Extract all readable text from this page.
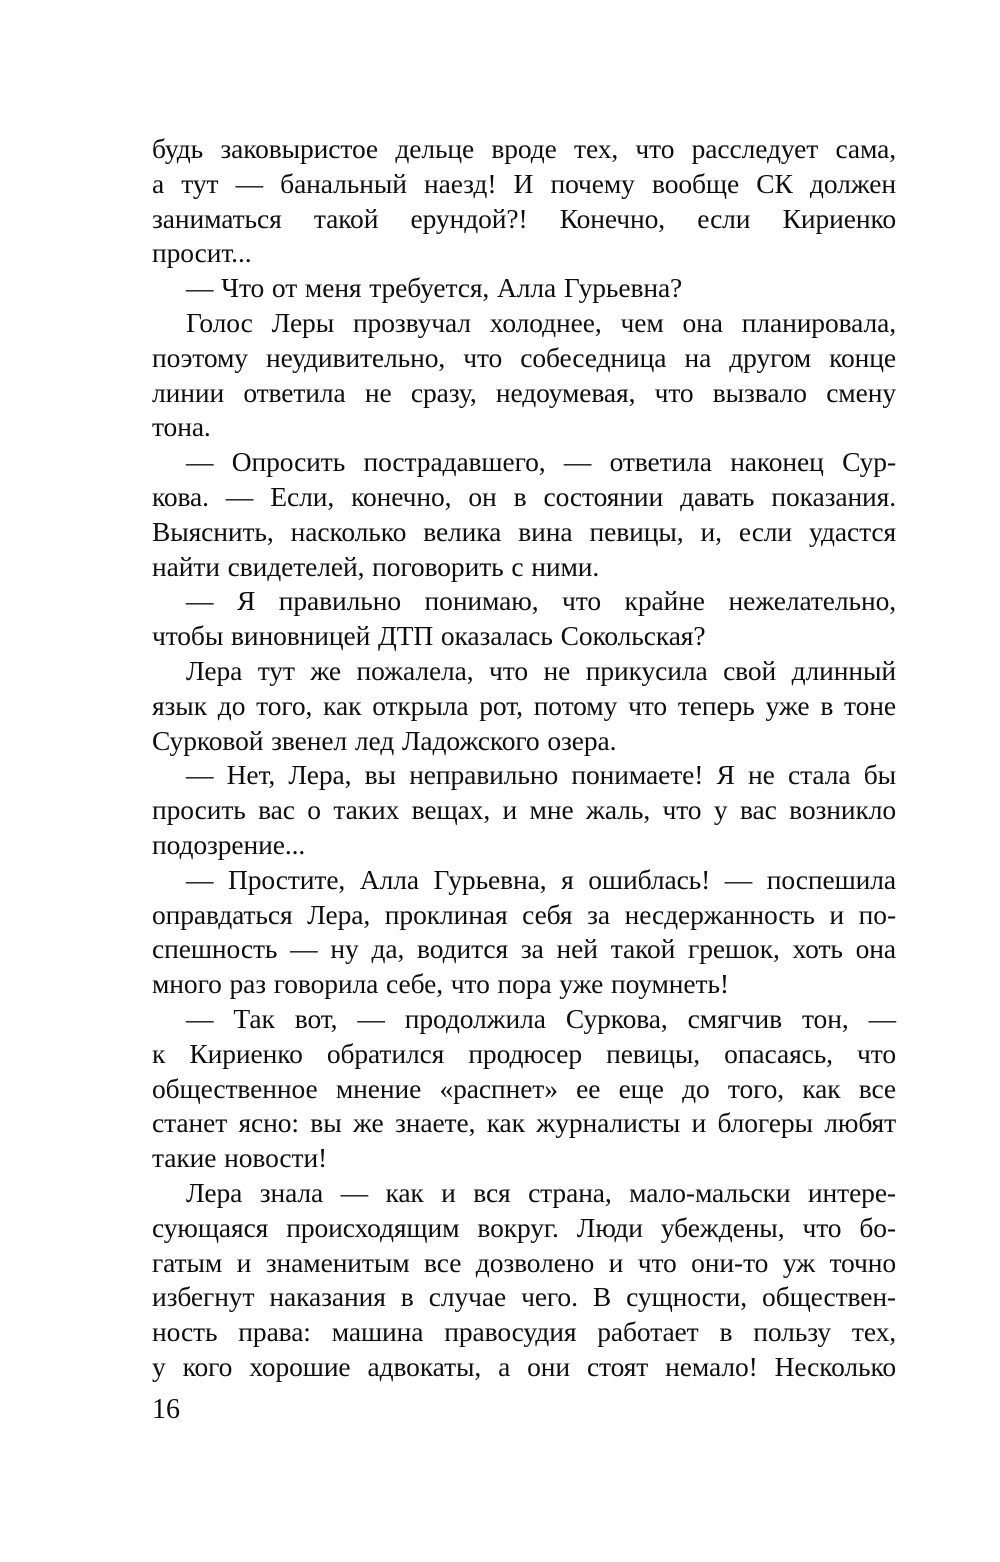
будь заковыристое дельце вроде тех, что расследует сама,
а тут — банальный наезд! И почему вообще СК должен
заниматься такой ерундой?! Конечно, если Кириенко
просит...
— Что от меня требуется, Алла Гурьевна?
Голос Леры прозвучал холоднее, чем она планировала,
поэтому неудивительно, что собеседница на другом конце
линии ответила не сразу, недоумевая, что вызвало смену
тона.
— Опросить пострадавшего, — ответила наконец Сур-
кова. — Если, конечно, он в состоянии давать показания.
Выяснить, насколько велика вина певицы, и, если удастся
найти свидетелей, поговорить с ними.
— Я правильно понимаю, что крайне нежелательно,
чтобы виновницей ДТП оказалась Сокольская?
Лера тут же пожалела, что не прикусила свой длинный
язык до того, как открыла рот, потому что теперь уже в тоне
Сурковой звенел лед Ладожского озера.
— Нет, Лера, вы неправильно понимаете! Я не стала бы
просить вас о таких вещах, и мне жаль, что у вас возникло
подозрение...
— Простите, Алла Гурьевна, я ошиблась! — поспешила
оправдаться Лера, проклиная себя за несдержанность и по-
спешность — ну да, водится за ней такой грешок, хоть она
много раз говорила себе, что пора уже поумнеть!
— Так вот, — продолжила Суркова, смягчив тон, —
к Кириенко обратился продюсер певицы, опасаясь, что
общественное мнение «распнет» ее еще до того, как все
станет ясно: вы же знаете, как журналисты и блогеры любят
такие новости!
Лера знала — как и вся страна, мало-мальски интере-
сующаяся происходящим вокруг. Люди убеждены, что бо-
гатым и знаменитым все дозволено и что они-то уж точно
избегнут наказания в случае чего. В сущности, обществен-
ность права: машина правосудия работает в пользу тех,
у кого хорошие адвокаты, а они стоят немало! Несколько
16
